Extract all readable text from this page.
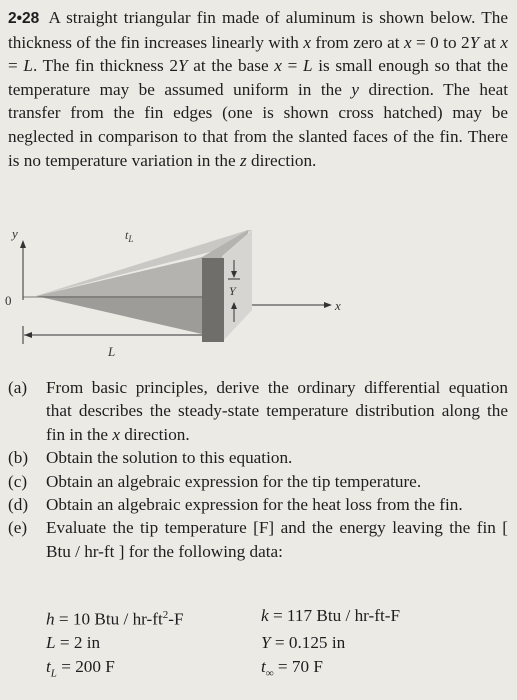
2•28 A straight triangular fin made of aluminum is shown below. The thickness of the fin increases linearly with x from zero at x = 0 to 2Y at x = L. The fin thickness 2Y at the base x = L is small enough so that the temperature may be assumed uniform in the y direction. The heat transfer from the fin edges (one is shown cross hatched) may be neglected in comparison to that from the slanted faces of the fin. There is no temperature variation in the z direction.
y
0	x
$t_L$
Y
L
(a)	From basic principles, derive the ordinary differential equation that describes the steady-state temperature distribution along the fin in the x direction.
(b)	Obtain the solution to this equation.
(c)	Obtain an algebraic expression for the tip temperature.
(d)	Obtain an algebraic expression for the heat loss from the fin.
(e)	Evaluate the tip temperature [F] and the energy leaving the fin [ Btu / hr-ft ] for the following data:
h = 10 Btu / $hr-ft^2-F$	k = 117 Btu / hr-ft-F
L = 2 in	Y = 0.125 in
$t_L = 200$ F	$t_\infty = 70$ F
